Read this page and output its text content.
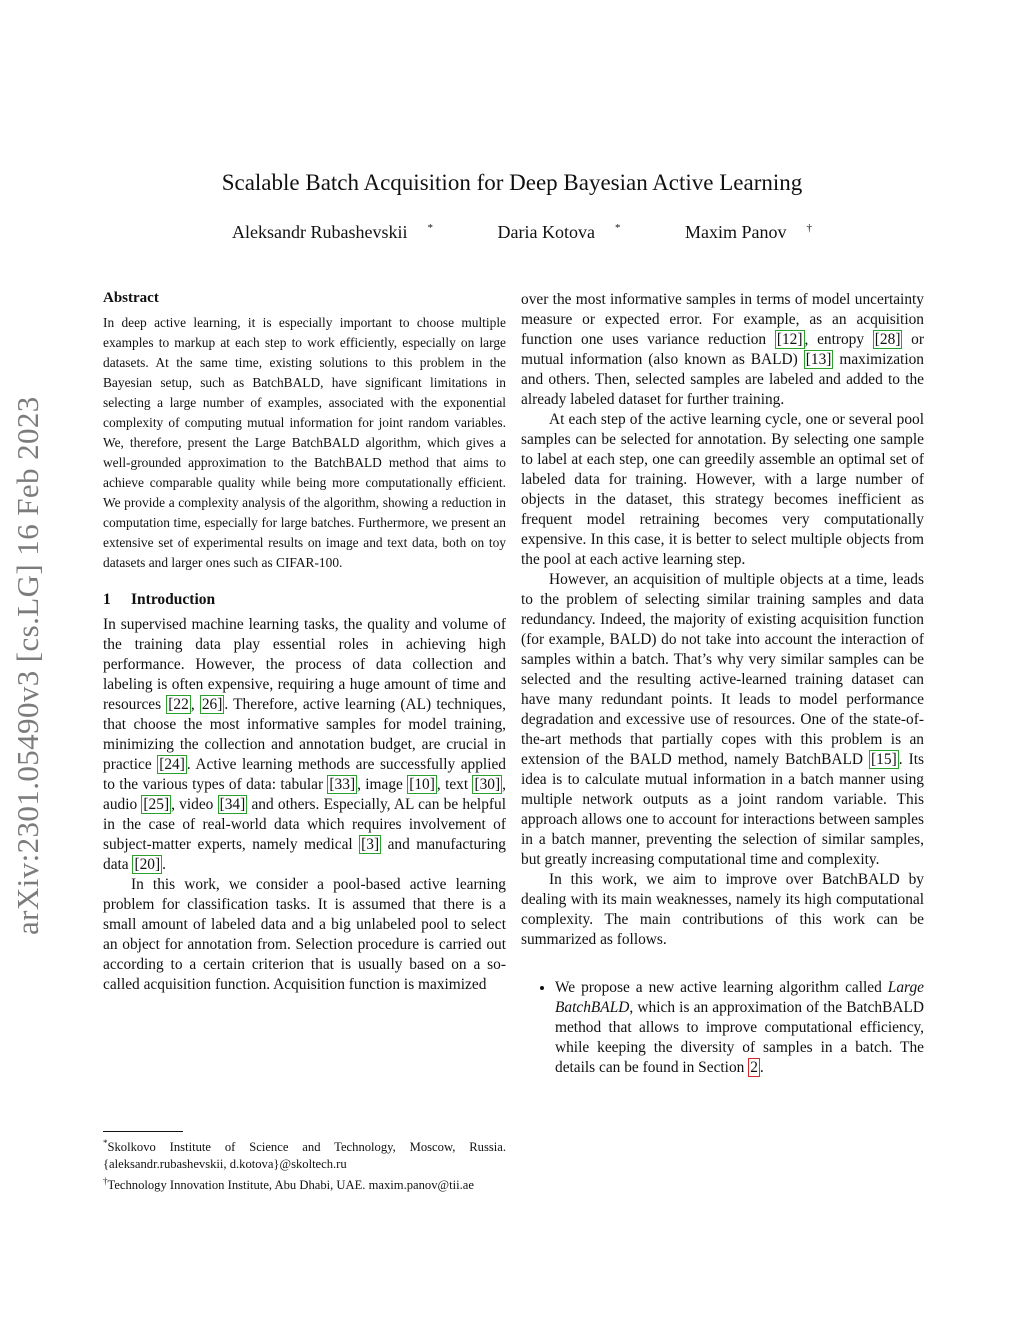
arXiv:2301.05490v3 [cs.LG] 16 Feb 2023
Scalable Batch Acquisition for Deep Bayesian Active Learning
Aleksandr Rubashevskii *	Daria Kotova *	Maxim Panov †
Abstract

In deep active learning, it is especially important to choose multiple examples to markup at each step to work efficiently, especially on large datasets. At the same time, existing solutions to this problem in the Bayesian setup, such as BatchBALD, have significant limitations in selecting a large number of examples, associated with the exponential complexity of computing mutual information for joint random variables. We, therefore, present the Large BatchBALD algorithm, which gives a well-grounded approximation to the BatchBALD method that aims to achieve comparable quality while being more computationally efficient. We provide a complexity analysis of the algorithm, showing a reduction in computation time, especially for large batches. Furthermore, we present an extensive set of experimental results on image and text data, both on toy datasets and larger ones such as CIFAR-100.

1 Introduction

In supervised machine learning tasks, the quality and volume of the training data play essential roles in achieving high performance. However, the process of data collection and labeling is often expensive, requiring a huge amount of time and resources [22 , 26] . Therefore, active learning (AL) techniques, that choose the most informative samples for model training, minimizing the collection and annotation budget, are crucial in practice [24] . Active learning methods are successfully applied to the various types of data: tabular [33] , image [10] , text [30] , audio [25] , video [34] and others. Especially, AL can be helpful in the case of real-world data which requires involvement of subject-matter experts, namely medical [3] and manufacturing data [20] .

In this work, we consider a pool-based active learning problem for classification tasks. It is assumed that there is a small amount of labeled data and a big unlabeled pool to select an object for annotation from. Selection procedure is carried out according to a certain criterion that is usually based on a so-called acquisition function. Acquisition function is maximized

over the most informative samples in terms of model uncertainty measure or expected error. For example, as an acquisition function one uses variance reduction [12] , entropy [28] or mutual information (also known as BALD) [13] maximization and others. Then, selected samples are labeled and added to the already labeled dataset for further training.

At each step of the active learning cycle, one or several pool samples can be selected for annotation. By selecting one sample to label at each step, one can greedily assemble an optimal set of labeled data for training. However, with a large number of objects in the dataset, this strategy becomes inefficient as frequent model retraining becomes very computationally expensive. In this case, it is better to select multiple objects from the pool at each active learning step.

However, an acquisition of multiple objects at a time, leads to the problem of selecting similar training samples and data redundancy. Indeed, the majority of existing acquisition function (for example, BALD) do not take into account the interaction of samples within a batch. That’s why very similar samples can be selected and the resulting active-learned training dataset can have many redundant points. It leads to model performance degradation and excessive use of resources. One of the state-of-the-art methods that partially copes with this problem is an extension of the BALD method, namely BatchBALD [15] . Its idea is to calculate mutual information in a batch manner using multiple network outputs as a joint random variable. This approach allows one to account for interactions between samples in a batch manner, preventing the selection of similar samples, but greatly increasing computational time and complexity.

In this work, we aim to improve over BatchBALD by dealing with its main weaknesses, namely its high computational complexity. The main contributions of this work can be summarized as follows.

• We propose a new active learning algorithm called Large BatchBALD, which is an approximation of the BatchBALD method that allows to improve computational efficiency, while keeping the diversity of samples in a batch. The details can be found in Section 2 .
*Skolkovo Institute of Science and Technology, Moscow, Russia. {aleksandr.rubashevskii, d.kotova}@skoltech.ru
†Technology Innovation Institute, Abu Dhabi, UAE. maxim.panov@tii.ae
